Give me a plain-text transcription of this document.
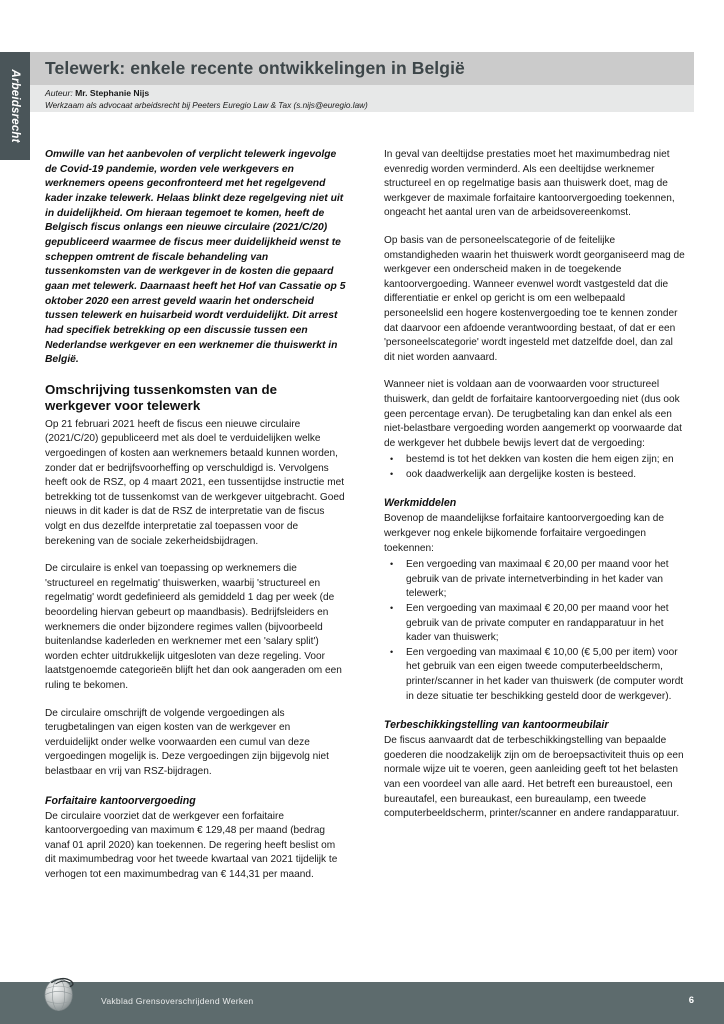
Arbeidsrecht
Telewerk: enkele recente ontwikkelingen in België
Auteur: Mr. Stephanie Nijs
Werkzaam als advocaat arbeidsrecht bij Peeters Euregio Law & Tax (s.nijs@euregio.law)

Omwille van het aanbevolen of verplicht telewerk ingevolge de Covid-19 pandemie, worden vele werkgevers en werknemers opeens geconfronteerd met het regelgevend kader inzake telewerk. Helaas blinkt deze regelgeving niet uit in duidelijkheid. Om hieraan tegemoet te komen, heeft de Belgisch fiscus onlangs een nieuwe circulaire (2021/C/20) gepubliceerd waarmee de fiscus meer duidelijkheid wenst te scheppen omtrent de fiscale behandeling van tussenkomsten van de werkgever in de kosten die gepaard gaan met telewerk. Daarnaast heeft het Hof van Cassatie op 5 oktober 2020 een arrest geveld waarin het onderscheid tussen telewerk en huisarbeid wordt verduidelijkt. Dit arrest had specifiek betrekking op een discussie tussen een Nederlandse werkgever en een werknemer die thuiswerkt in België.

Omschrijving tussenkomsten van de werkgever voor telewerk

Op 21 februari 2021 heeft de fiscus een nieuwe circulaire (2021/C/20) gepubliceerd met als doel te verduidelijken welke vergoedingen of kosten aan werknemers betaald kunnen worden, zonder dat er bedrijfsvoorheffing op verschuldigd is. Vervolgens heeft ook de RSZ, op 4 maart 2021, een tussentijdse instructie met betrekking tot de tussenkomst van de werkgever uitgebracht. Goed nieuws in dit kader is dat de RSZ de interpretatie van de fiscus volgt en dus dezelfde interpretatie zal toepassen voor de berekening van de sociale zekerheidsbijdragen.

De circulaire is enkel van toepassing op werknemers die 'structureel en regelmatig' thuiswerken, waarbij 'structureel en regelmatig' wordt gedefinieerd als gemiddeld 1 dag per week (de beoordeling hiervan gebeurt op maandbasis). Bedrijfsleiders en werknemers die onder bijzondere regimes vallen (bijvoorbeeld buitenlandse kaderleden en werknemer met een 'salary split') worden echter uitdrukkelijk uitgesloten van deze regeling. Voor laatstgenoemde categorieën blijft het dan ook aangeraden om een ruling te bekomen.

De circulaire omschrijft de volgende vergoedingen als terugbetalingen van eigen kosten van de werkgever en verduidelijkt onder welke voorwaarden een cumul van deze vergoedingen mogelijk is. Deze vergoedingen zijn bijgevolg niet belastbaar en vrij van RSZ-bijdragen.

Forfaitaire kantoorvergoeding

De circulaire voorziet dat de werkgever een forfaitaire kantoorvergoeding van maximum € 129,48 per maand (bedrag vanaf 01 april 2020) kan toekennen. De regering heeft beslist om dit maximumbedrag voor het tweede kwartaal van 2021 tijdelijk te verhogen tot een maximumbedrag van € 144,31 per maand.

In geval van deeltijdse prestaties moet het maximumbedrag niet evenredig worden verminderd. Als een deeltijdse werknemer structureel en op regelmatige basis aan thuiswerk doet, mag de werkgever de maximale forfaitaire kantoorvergoeding toekennen, ongeacht het aantal uren van de arbeidsovereenkomst.

Op basis van de personeelscategorie of de feitelijke omstandigheden waarin het thuiswerk wordt georganiseerd mag de werkgever een onderscheid maken in de toegekende kantoorvergoeding. Wanneer evenwel wordt vastgesteld dat die differentiatie er enkel op gericht is om een welbepaald personeelslid een hogere kostenvergoeding toe te kennen zonder dat daarvoor een afdoende verantwoording bestaat, of dat er een 'personeelscategorie' wordt ingesteld met datzelfde doel, dan zal dit niet worden aanvaard.

Wanneer niet is voldaan aan de voorwaarden voor structureel thuiswerk, dan geldt de forfaitaire kantoorvergoeding niet (dus ook geen percentage ervan). De terugbetaling kan dan enkel als een niet-belastbare vergoeding worden aangemerkt op voorwaarde dat de werkgever het dubbele bewijs levert dat de vergoeding:

• bestemd is tot het dekken van kosten die hem eigen zijn; en
• ook daadwerkelijk aan dergelijke kosten is besteed.
Werkmiddelen

Bovenop de maandelijkse forfaitaire kantoorvergoeding kan de werkgever nog enkele bijkomende forfaitaire vergoedingen toekennen:

• Een vergoeding van maximaal € 20,00 per maand voor het gebruik van de private internetverbinding in het kader van telewerk;
• Een vergoeding van maximaal € 20,00 per maand voor het gebruik van de private computer en randapparatuur in het kader van thuiswerk;
• Een vergoeding van maximaal € 10,00 (€ 5,00 per item) voor het gebruik van een eigen tweede computerbeeldscherm, printer/scanner in het kader van thuiswerk (de computer wordt in deze situatie ter beschikking gesteld door de werkgever).
Terbeschikkingstelling van kantoormeubilair

De fiscus aanvaardt dat de terbeschikkingstelling van bepaalde goederen die noodzakelijk zijn om de beroepsactiviteit thuis op een normale wijze uit te voeren, geen aanleiding geeft tot het belasten van een voordeel van alle aard. Het betreft een bureaustoel, een bureautafel, een bureaukast, een bureaulamp, een tweede computerbeeldscherm, printer/scanner en andere randapparatuur.

Vakblad Grensoverschrijdend Werken	6
